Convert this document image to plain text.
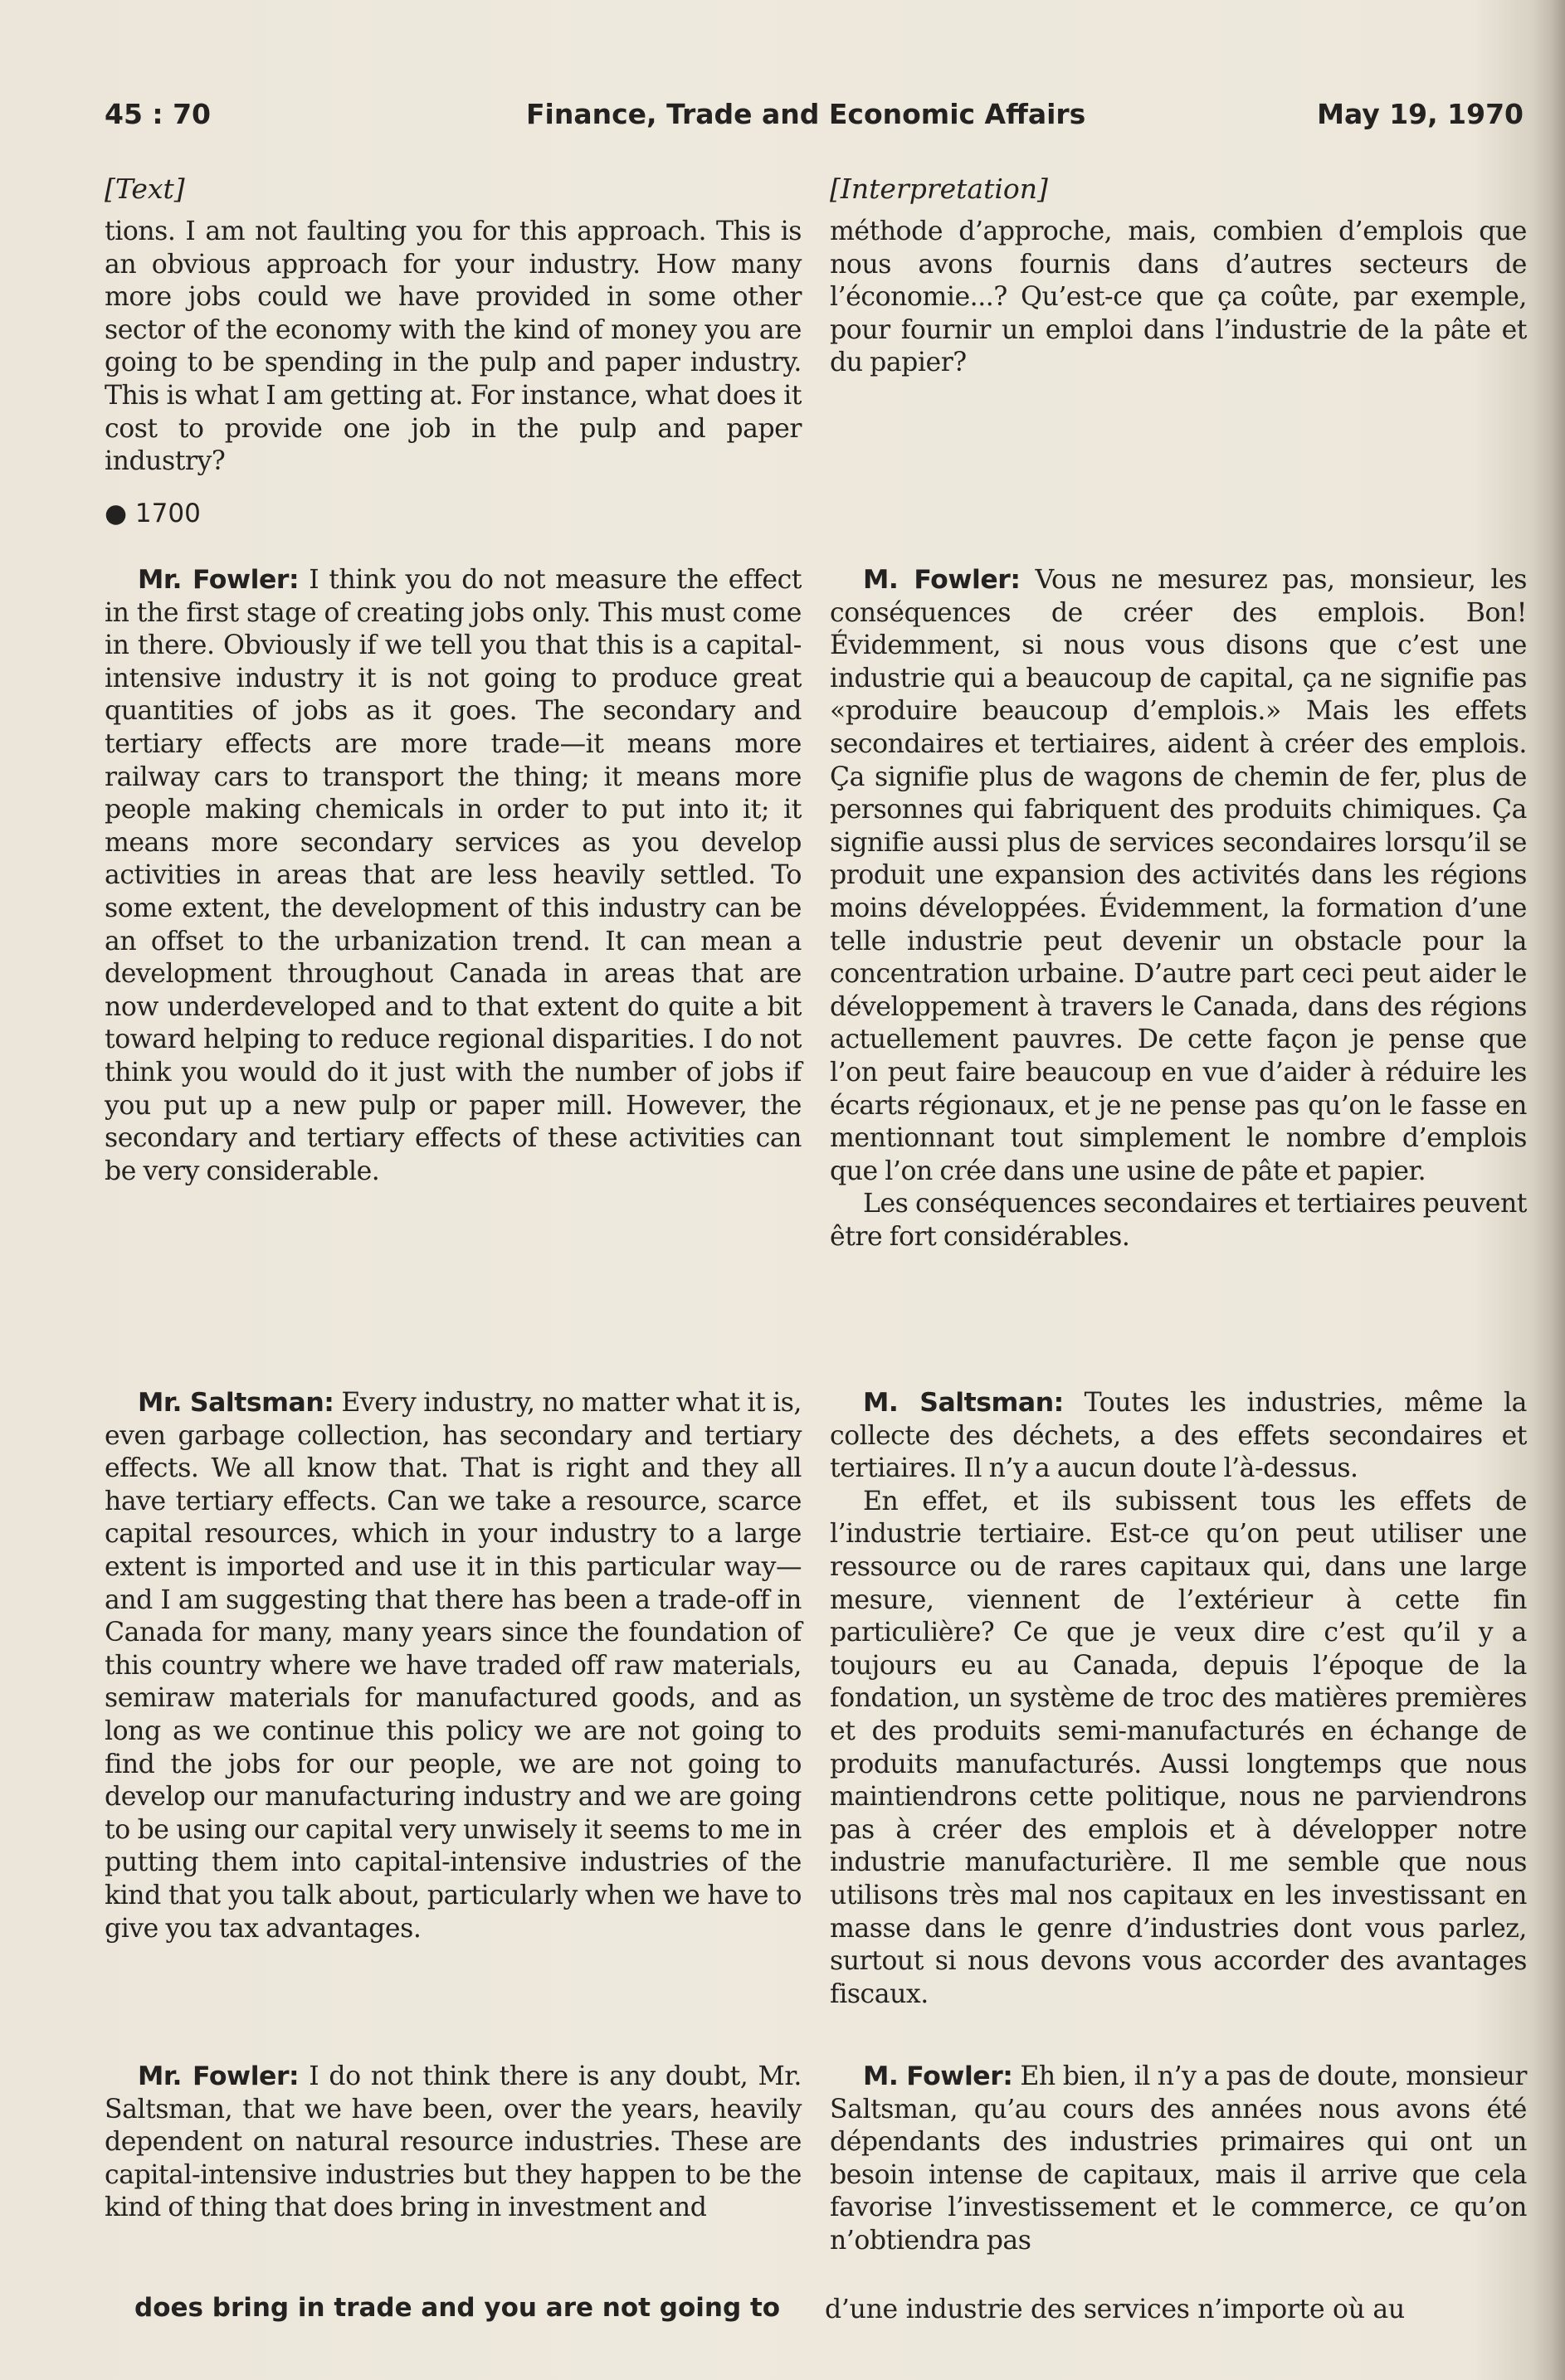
45 : 70	Finance, Trade and Economic Affairs	May 19, 1970
[Text]

tions. I am not faulting you for this approach. This is an obvious approach for your industry. How many more jobs could we have provided in some other sector of the economy with the kind of money you are going to be spending in the pulp and paper industry. This is what I am getting at. For instance, what does it cost to provide one job in the pulp and paper industry?

● 1700

Mr. Fowler: I think you do not measure the effect in the first stage of creating jobs only. This must come in there. Obviously if we tell you that this is a capital-intensive industry it is not going to produce great quantities of jobs as it goes. The secondary and tertiary effects are more trade—it means more railway cars to transport the thing; it means more people making chemicals in order to put into it; it means more secondary services as you develop activities in areas that are less heavily settled. To some extent, the development of this industry can be an offset to the urbanization trend. It can mean a development throughout Canada in areas that are now underdeveloped and to that extent do quite a bit toward helping to reduce regional disparities. I do not think you would do it just with the number of jobs if you put up a new pulp or paper mill. However, the secondary and tertiary effects of these activities can be very considerable.

Mr. Saltsman: Every industry, no matter what it is, even garbage collection, has secondary and tertiary effects. We all know that. That is right and they all have tertiary effects. Can we take a resource, scarce capital resources, which in your industry to a large extent is imported and use it in this particular way—and I am suggesting that there has been a trade-off in Canada for many, many years since the foundation of this country where we have traded off raw materials, semiraw materials for manufactured goods, and as long as we continue this policy we are not going to find the jobs for our people, we are not going to develop our manufacturing industry and we are going to be using our capital very unwisely it seems to me in putting them into capital-intensive industries of the kind that you talk about, particularly when we have to give you tax advantages.

Mr. Fowler: I do not think there is any doubt, Mr. Saltsman, that we have been, over the years, heavily dependent on natural resource industries. These are capital-intensive industries but they happen to be the kind of thing that does bring in investment and

[Interpretation]

méthode d’approche, mais, combien d’emplois que nous avons fournis dans d’autres secteurs de l’économie...? Qu’est-ce que ça coûte, par exemple, pour fournir un emploi dans l’industrie de la pâte et du papier?

M. Fowler: Vous ne mesurez pas, monsieur, les conséquences de créer des emplois. Bon! Évidemment, si nous vous disons que c’est une industrie qui a beaucoup de capital, ça ne signifie pas «produire beaucoup d’emplois.» Mais les effets secondaires et tertiaires, aident à créer des emplois. Ça signifie plus de wagons de chemin de fer, plus de personnes qui fabriquent des produits chimiques. Ça signifie aussi plus de services secondaires lorsqu’il se produit une expansion des activités dans les régions moins développées. Évidemment, la formation d’une telle industrie peut devenir un obstacle pour la concentration urbaine. D’autre part ceci peut aider le développement à travers le Canada, dans des régions actuellement pauvres. De cette façon je pense que l’on peut faire beaucoup en vue d’aider à réduire les écarts régionaux, et je ne pense pas qu’on le fasse en mentionnant tout simplement le nombre d’emplois que l’on crée dans une usine de pâte et papier.

Les conséquences secondaires et tertiaires peuvent être fort considérables.

M. Saltsman: Toutes les industries, même la collecte des déchets, a des effets secondaires et tertiaires. Il n’y a aucun doute l’à-dessus.

En effet, et ils subissent tous les effets de l’industrie tertiaire. Est-ce qu’on peut utiliser une ressource ou de rares capitaux qui, dans une large mesure, viennent de l’extérieur à cette fin particulière? Ce que je veux dire c’est qu’il y a toujours eu au Canada, depuis l’époque de la fondation, un système de troc des matières premières et des produits semi-manufacturés en échange de produits manufacturés. Aussi longtemps que nous maintiendrons cette politique, nous ne parviendrons pas à créer des emplois et à développer notre industrie manufacturière. Il me semble que nous utilisons très mal nos capitaux en les investissant en masse dans le genre d’industries dont vous parlez, surtout si nous devons vous accorder des avantages fiscaux.

M. Fowler: Eh bien, il n’y a pas de doute, monsieur Saltsman, qu’au cours des années nous avons été dépendants des industries primaires qui ont un besoin intense de capitaux, mais il arrive que cela favorise l’investissement et le commerce, ce qu’on n’obtiendra pas

does bring in trade and you are not going to d’une industrie des services n’importe où au
